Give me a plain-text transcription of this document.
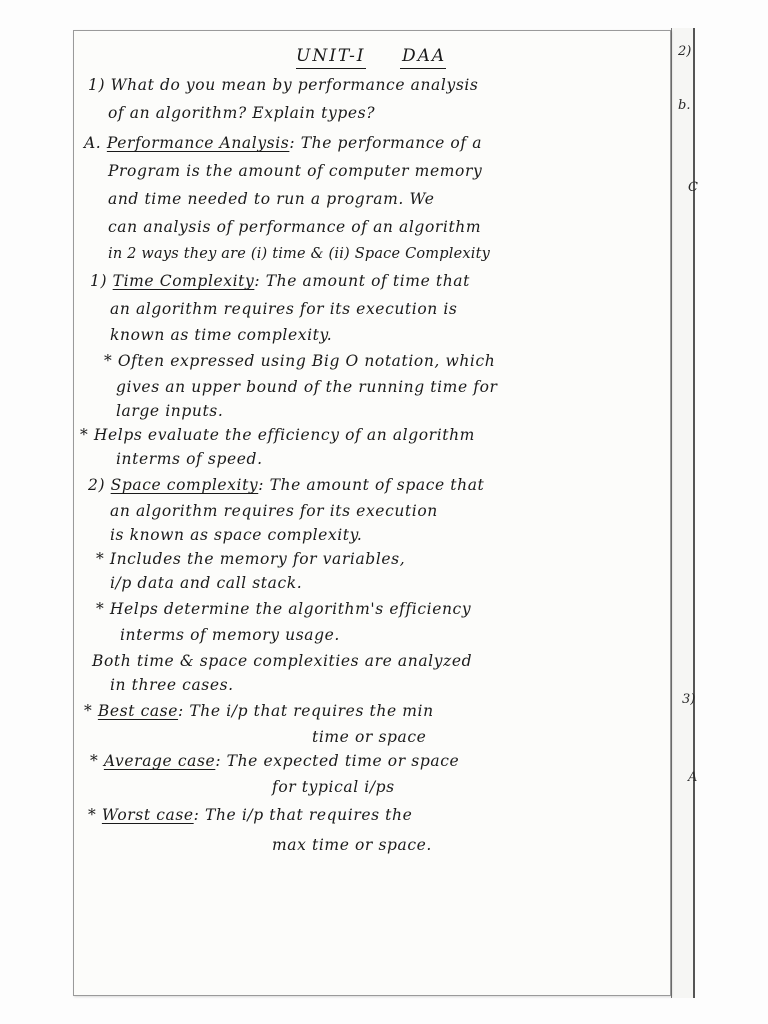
2)
b.
C
3)
A
UNIT-I DAA
1) What do you mean by performance analysis
of an algorithm? Explain types?
A. Performance Analysis: The performance of a
Program is the amount of computer memory
and time needed to run a program. We
can analysis of performance of an algorithm
in 2 ways they are (i) time & (ii) Space Complexity
1) Time Complexity: The amount of time that
an algorithm requires for its execution is
known as time complexity.
* Often expressed using Big O notation, which
gives an upper bound of the running time for
large inputs.
* Helps evaluate the efficiency of an algorithm
interms of speed.
2) Space complexity: The amount of space that
an algorithm requires for its execution
is known as space complexity.
* Includes the memory for variables,
i/p data and call stack.
* Helps determine the algorithm's efficiency
interms of memory usage.
Both time & space complexities are analyzed
in three cases.
* Best case: The i/p that requires the min
time or space
* Average case: The expected time or space
for typical i/ps
* Worst case: The i/p that requires the
max time or space.
